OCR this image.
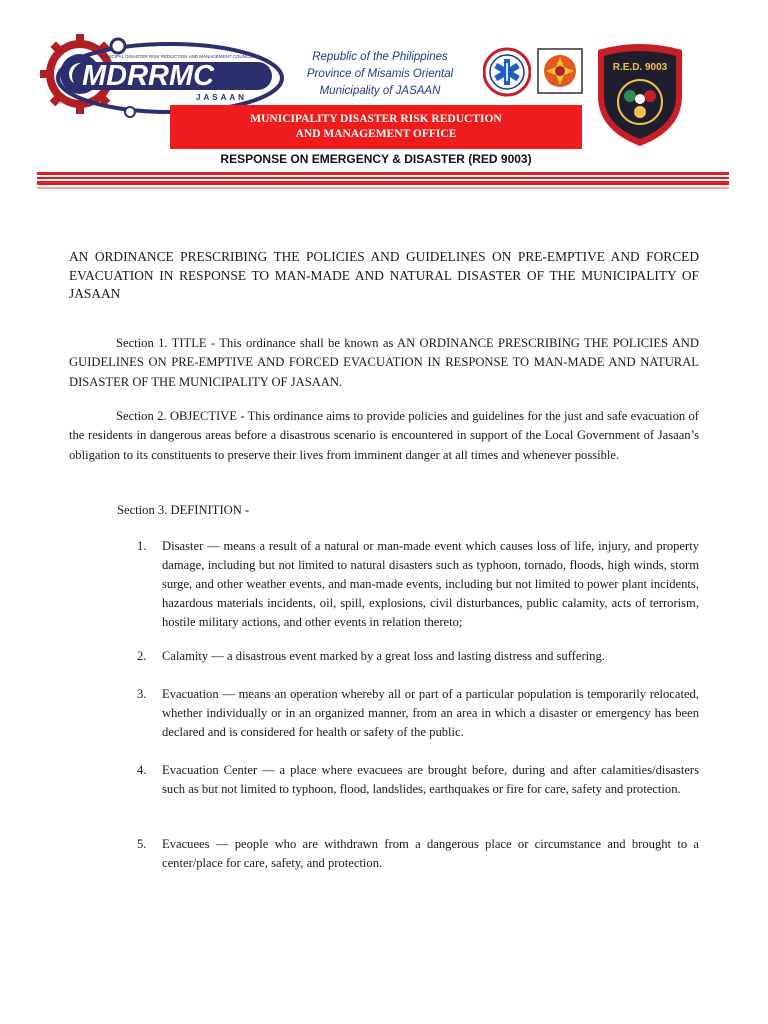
MUNICIPAL DISASTER RISK REDUCTION AND MANAGEMENT COUNCIL
MDRRMC
JASAAN
Republic of the Philippines
Province of Misamis Oriental
Municipality of JASAAN
R.E.D. 9003
MUNICIPALITY DISASTER RISK REDUCTION
AND MANAGEMENT OFFICE
RESPONSE ON EMERGENCY & DISASTER (RED 9003)
AN ORDINANCE PRESCRIBING THE POLICIES AND GUIDELINES ON PRE-EMPTIVE AND FORCED EVACUATION IN RESPONSE TO MAN-MADE AND NATURAL DISASTER OF THE MUNICIPALITY OF JASAAN
Section 1. TITLE - This ordinance shall be known as AN ORDINANCE PRESCRIBING THE POLICIES AND GUIDELINES ON PRE-EMPTIVE AND FORCED EVACUATION IN RESPONSE TO MAN-MADE AND NATURAL DISASTER OF THE MUNICIPALITY OF JASAAN.
Section 2. OBJECTIVE - This ordinance aims to provide policies and guidelines for the just and safe evacuation of the residents in dangerous areas before a disastrous scenario is encountered in support of the Local Government of Jasaan’s obligation to its constituents to preserve their lives from imminent danger at all times and whenever possible.
Section 3. DEFINITION -
1.	Disaster — means a result of a natural or man-made event which causes loss of life, injury, and property damage, including but not limited to natural disasters such as typhoon, tornado, floods, high winds, storm surge, and other weather events, and man-made events, including but not limited to power plant incidents, hazardous materials incidents, oil, spill, explosions, civil disturbances, public calamity, acts of terrorism, hostile military actions, and other events in relation thereto;
2.	Calamity — a disastrous event marked by a great loss and lasting distress and suffering.
3.	Evacuation — means an operation whereby all or part of a particular population is temporarily relocated, whether individually or in an organized manner, from an area in which a disaster or emergency has been declared and is considered for health or safety of the public.
4.	Evacuation Center — a place where evacuees are brought before, during and after calamities/disasters such as but not limited to typhoon, flood, landslides, earthquakes or fire for care, safety and protection.
5.	Evacuees — people who are withdrawn from a dangerous place or circumstance and brought to a center/place for care, safety, and protection.
